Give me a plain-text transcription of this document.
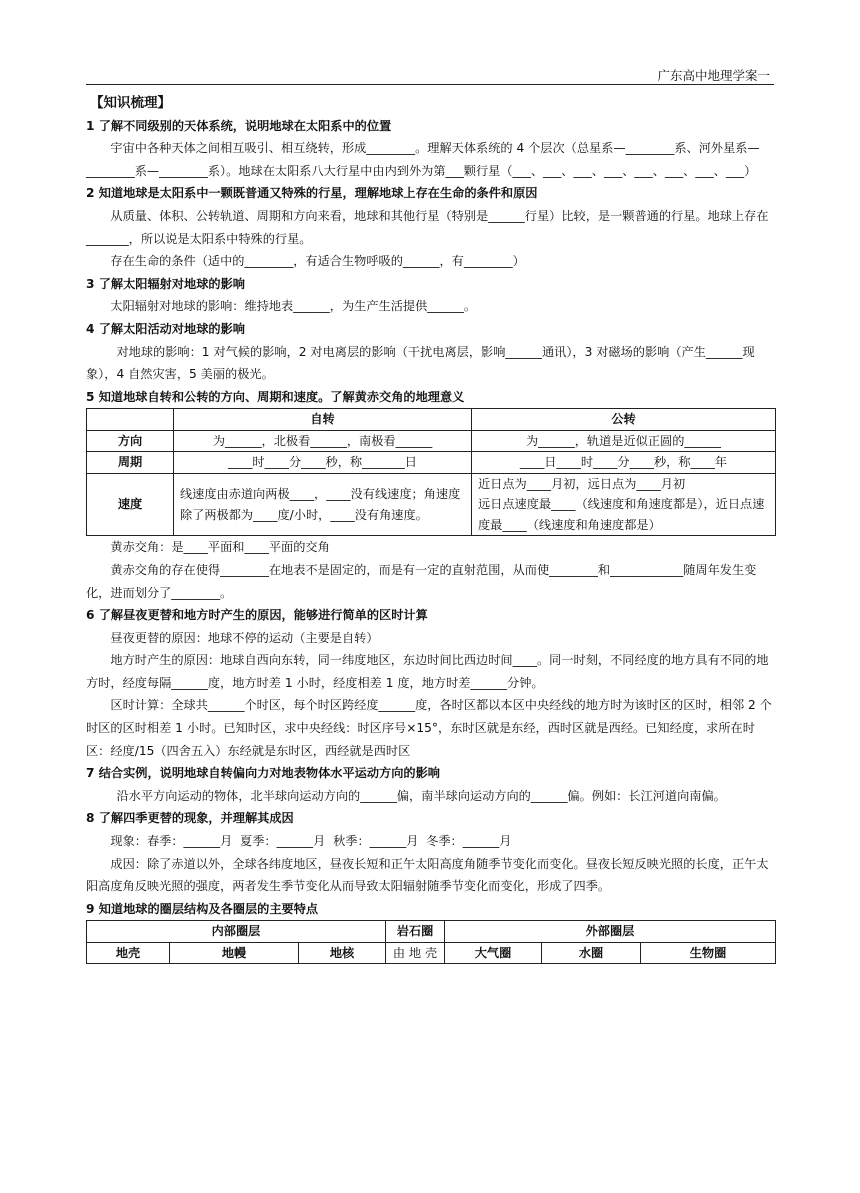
广东高中地理学案一

【知识梳理】

1 了解不同级别的天体系统，说明地球在太阳系中的位置

宇宙中各种天体之间相互吸引、相互绕转，形成________。理解天体系统的 4 个层次（总星系—________系、河外星系—________系—________系）。地球在太阳系八大行星中由内到外为第___颗行星（___、___、___、___、___、___、___、___）

2 知道地球是太阳系中一颗既普通又特殊的行星，理解地球上存在生命的条件和原因

从质量、体积、公转轨道、周期和方向来看，地球和其他行星（特别是______行星）比较，是一颗普通的行星。地球上存在_______，所以说是太阳系中特殊的行星。

存在生命的条件（适中的________，有适合生物呼吸的______，有________）

3 了解太阳辐射对地球的影响

太阳辐射对地球的影响：维持地表______，为生产生活提供______。

4 了解太阳活动对地球的影响

对地球的影响：1 对气候的影响，2 对电离层的影响（干扰电离层，影响______通讯），3 对磁场的影响（产生______现象），4 自然灾害，5 美丽的极光。

5 知道地球自转和公转的方向、周期和速度。了解黄赤交角的地理意义

	自转	公转
方向	为______，北极看______，南极看______	为______，轨道是近似正圆的______
周期	____时____分____秒，称_______日	____日____时____分____秒，称____年
速度	线速度由赤道向两极____，____没有线速度；角速度除了两极都为____度/小时，____没有角速度。	近日点为____月初，远日点为____月初
远日点速度最____（线速度和角速度都是），近日点速度最____（线速度和角速度都是）

黄赤交角：是____平面和____平面的交角

黄赤交角的存在使得________在地表不是固定的，而是有一定的直射范围，从而使________和____________随周年发生变化，进而划分了________。

6 了解昼夜更替和地方时产生的原因，能够进行简单的区时计算

昼夜更替的原因：地球不停的运动（主要是自转）

地方时产生的原因：地球自西向东转，同一纬度地区，东边时间比西边时间____。同一时刻，不同经度的地方具有不同的地方时，经度每隔______度，地方时差 1 小时，经度相差 1 度，地方时差______分钟。

区时计算：全球共______个时区，每个时区跨经度______度，各时区都以本区中央经线的地方时为该时区的区时，相邻 2 个时区的区时相差 1 小时。已知时区，求中央经线：时区序号×15°，东时区就是东经，西时区就是西经。已知经度，求所在时区：经度/15（四舍五入）东经就是东时区，西经就是西时区

7 结合实例，说明地球自转偏向力对地表物体水平运动方向的影响

沿水平方向运动的物体，北半球向运动方向的______偏，南半球向运动方向的______偏。例如：长江河道向南偏。

8 了解四季更替的现象，并理解其成因

现象：春季：______月  夏季：______月  秋季：______月  冬季：______月

成因：除了赤道以外，全球各纬度地区，昼夜长短和正午太阳高度角随季节变化而变化。昼夜长短反映光照的长度，正午太阳高度角反映光照的强度，两者发生季节变化从而导致太阳辐射随季节变化而变化，形成了四季。

9 知道地球的圈层结构及各圈层的主要特点

内部圈层			岩石圈	外部圈层		
地壳	地幔	地核	由 地 壳	大气圈	水圈	生物圈
